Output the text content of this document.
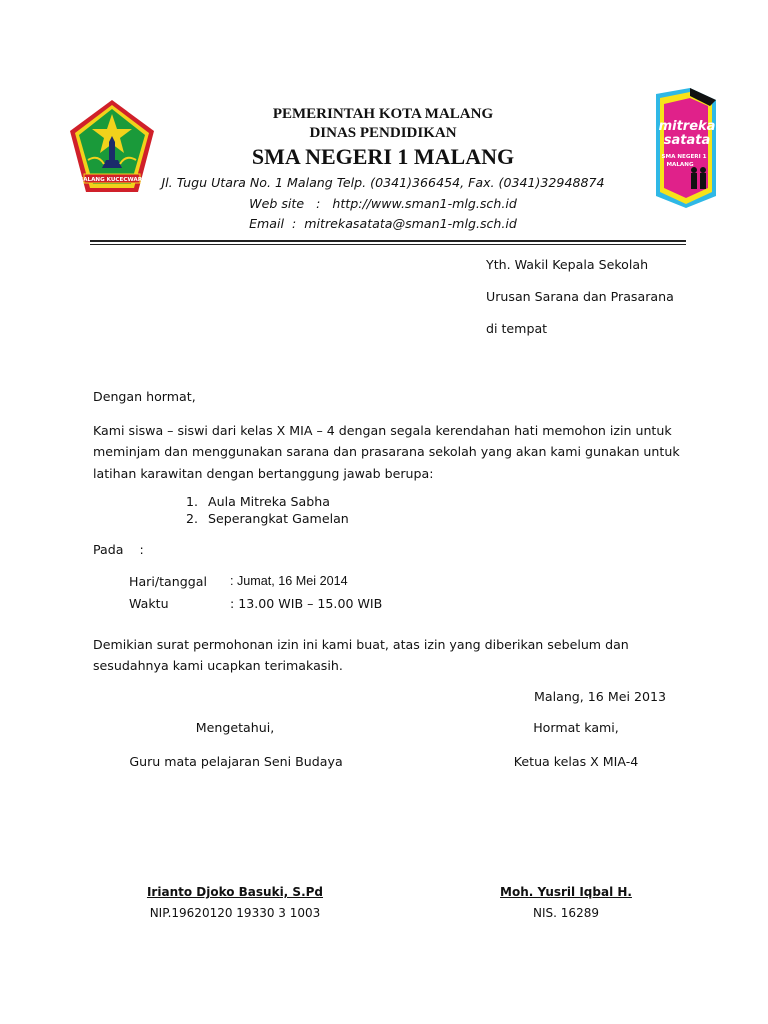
MALANG KUCECWARA
PEMERINTAH KOTA MALANG
DINAS PENDIDIKAN
SMA NEGERI 1 MALANG
Jl. Tugu Utara No. 1 Malang Telp. (0341)366454, Fax. (0341)32948874
Web site   :   http://www.sman1-mlg.sch.id
Email  :  mitrekasatata@sman1-mlg.sch.id
mitreka
satata
SMA NEGERI 1
MALANG
Yth. Wakil Kepala Sekolah
Urusan Sarana dan Prasarana
di tempat
Dengan hormat,
Kami siswa – siswi dari kelas X MIA – 4 dengan segala kerendahan hati memohon izin untuk meminjam dan menggunakan sarana dan prasarana sekolah yang akan kami gunakan untuk latihan karawitan dengan bertanggung jawab berupa:
1. Aula Mitreka Sabha
2. Seperangkat Gamelan
Pada    :
Hari/tanggal : Jumat, 16 Mei 2014
Waktu	: 13.00 WIB – 15.00 WIB
Demikian surat permohonan izin ini kami buat, atas izin yang diberikan sebelum dan sesudahnya kami ucapkan terimakasih.
Malang, 16 Mei 2013
Mengetahui,	Hormat kami,
Guru mata pelajaran Seni Budaya	Ketua kelas X MIA-4
Irianto Djoko Basuki, S.Pd
NIP.19620120 19330 3 1003
Moh. Yusril Iqbal H.
NIS. 16289
